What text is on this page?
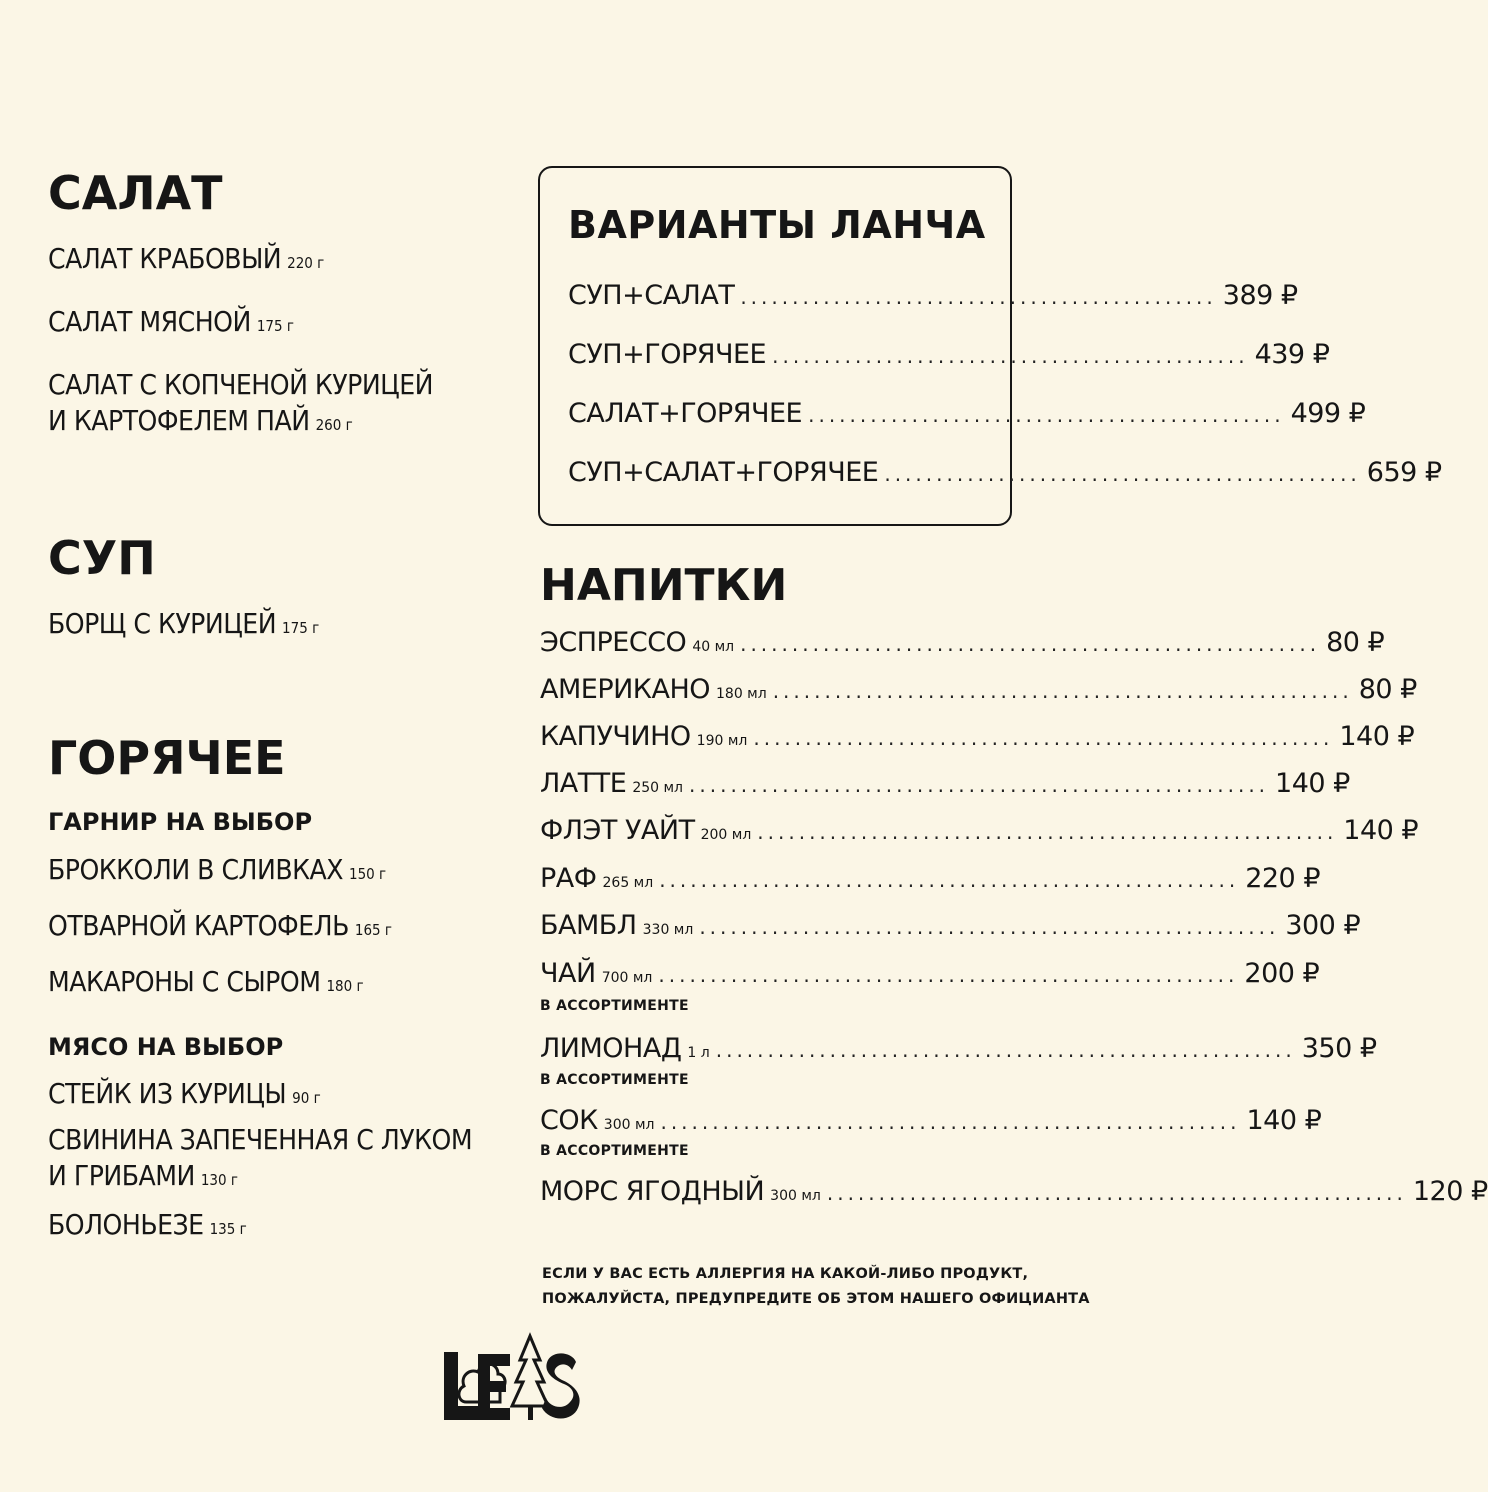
САЛАТ
САЛАТ КРАБОВЫЙ 220 г
САЛАТ МЯСНОЙ 175 г
САЛАТ С КОПЧЕНОЙ КУРИЦЕЙ
И КАРТОФЕЛЕМ ПАЙ 260 г
СУП
БОРЩ С КУРИЦЕЙ 175 г
ГОРЯЧЕЕ
ГАРНИР НА ВЫБОР
БРОККОЛИ В СЛИВКАХ 150 г
ОТВАРНОЙ КАРТОФЕЛЬ 165 г
МАКАРОНЫ С СЫРОМ 180 г
МЯСО НА ВЫБОР
СТЕЙК ИЗ КУРИЦЫ 90 г
СВИНИНА ЗАПЕЧЕННАЯ С ЛУКОМ
И ГРИБАМИ 130 г
БОЛОНЬЕЗЕ 135 г
ВАРИАНТЫ ЛАНЧА
СУП+САЛАТ .............................................. 389 ₽
СУП+ГОРЯЧЕЕ .............................................. 439 ₽
САЛАТ+ГОРЯЧЕЕ .............................................. 499 ₽
СУП+САЛАТ+ГОРЯЧЕЕ .............................................. 659 ₽
НАПИТКИ
ЭСПРЕССО 40 мл ........................................................ 80 ₽
АМЕРИКАНО 180 мл ........................................................ 80 ₽
КАПУЧИНО 190 мл ........................................................ 140 ₽
ЛАТТЕ 250 мл ........................................................ 140 ₽
ФЛЭТ УАЙТ 200 мл ........................................................ 140 ₽
РАФ 265 мл ........................................................ 220 ₽
БАМБЛ 330 мл ........................................................ 300 ₽
ЧАЙ 700 мл ........................................................ 200 ₽
В АССОРТИМЕНТЕ
ЛИМОНАД 1 л ........................................................ 350 ₽
В АССОРТИМЕНТЕ
СОК 300 мл ........................................................ 140 ₽
В АССОРТИМЕНТЕ
МОРС ЯГОДНЫЙ 300 мл ........................................................ 120 ₽
ЕСЛИ У ВАС ЕСТЬ АЛЛЕРГИЯ НА КАКОЙ-ЛИБО ПРОДУКТ,
ПОЖАЛУЙСТА, ПРЕДУПРЕДИТЕ ОБ ЭТОМ НАШЕГО ОФИЦИАНТА
